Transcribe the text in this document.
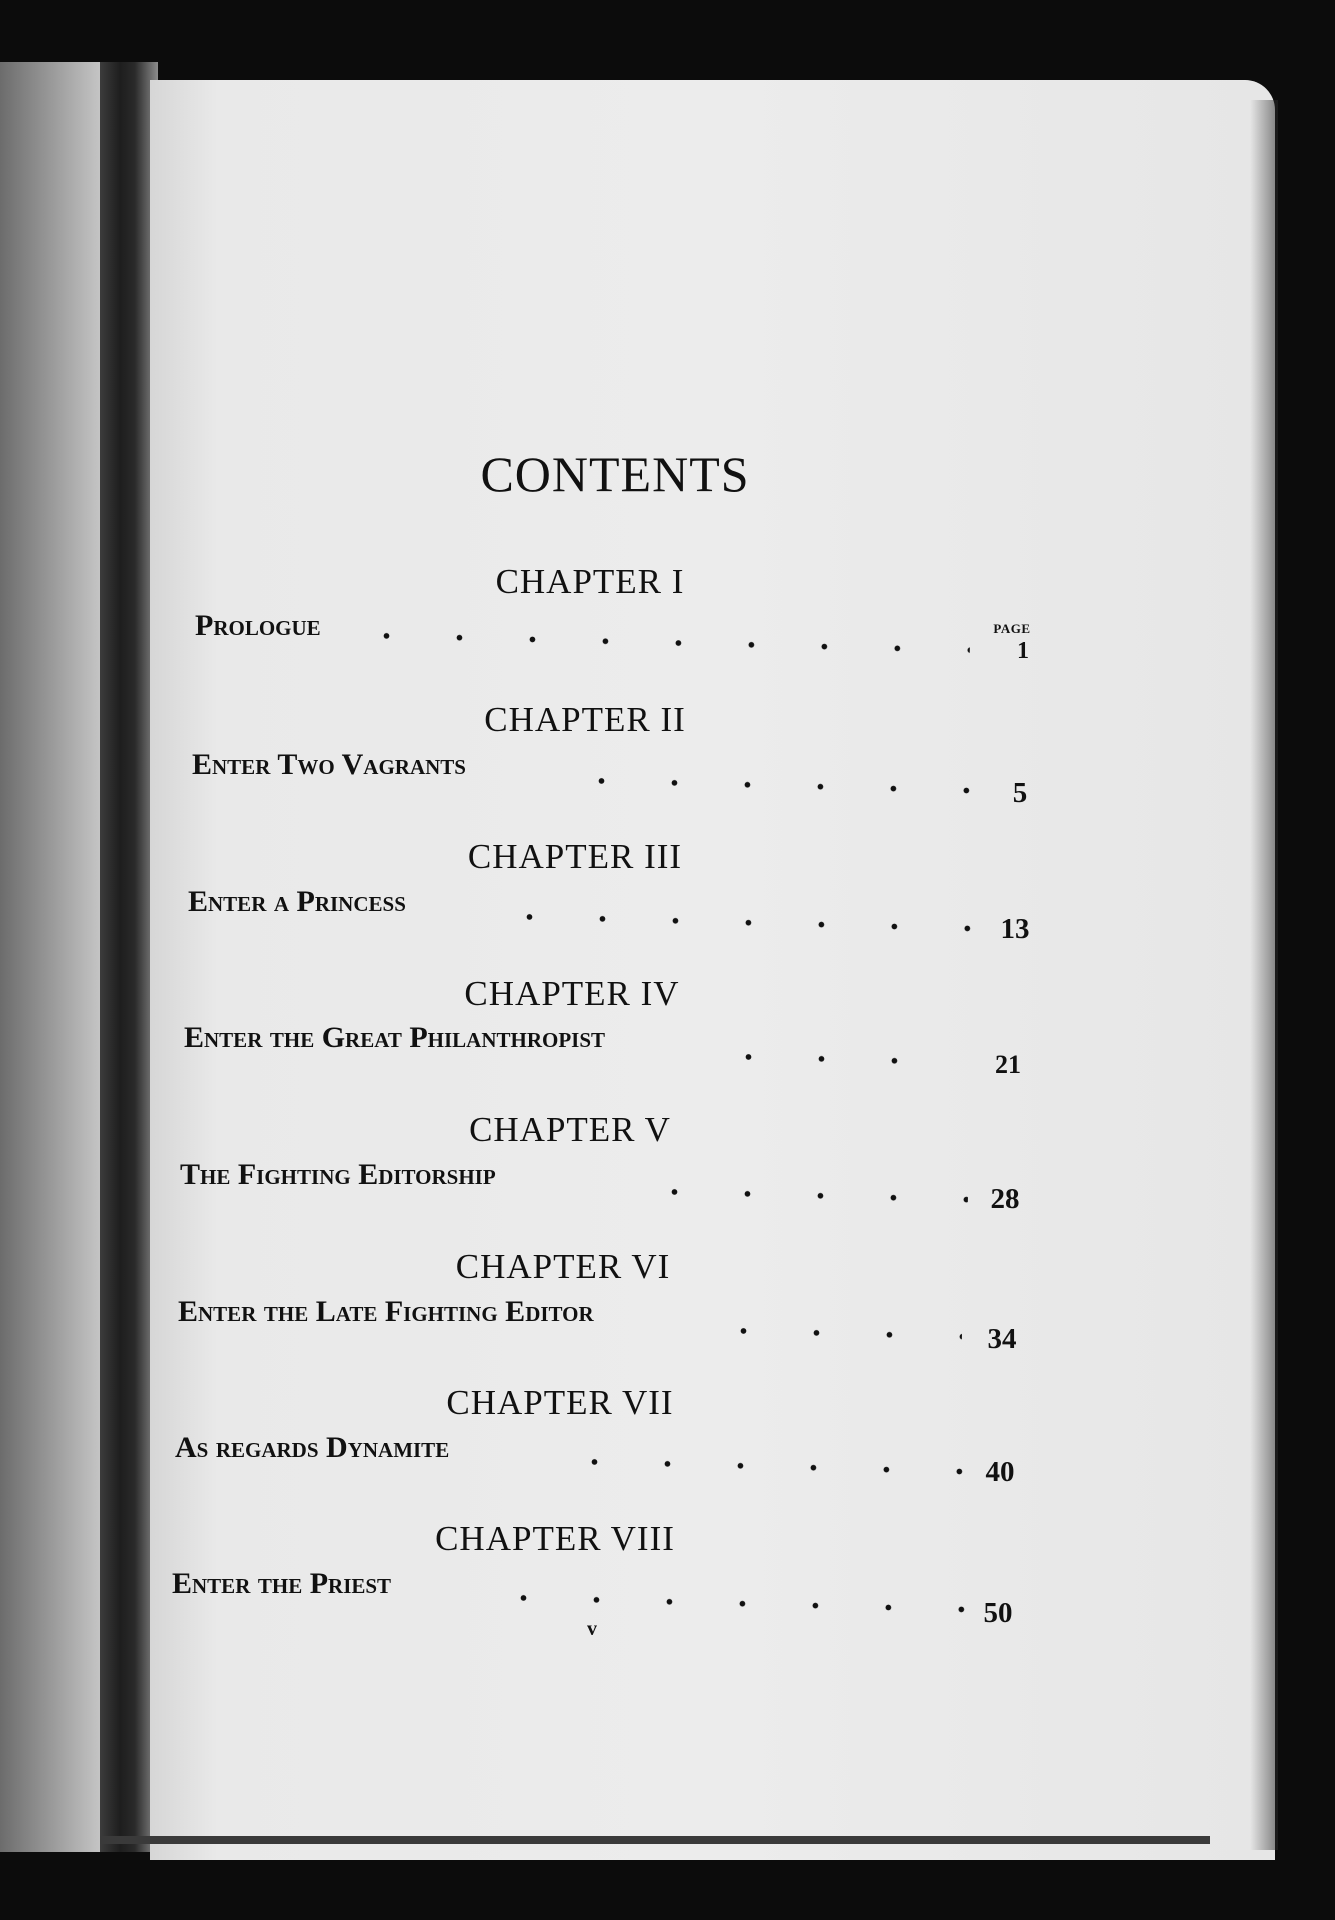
CONTENTS
PAGE
CHAPTER I
Prologue
1
CHAPTER II
Enter Two Vagrants
5
CHAPTER III
Enter a Princess
13
CHAPTER IV
Enter the Great Philanthropist
21
CHAPTER V
The Fighting Editorship
28
CHAPTER VI
Enter the Late Fighting Editor
34
CHAPTER VII
As regards Dynamite
40
CHAPTER VIII
Enter the Priest
50
v
